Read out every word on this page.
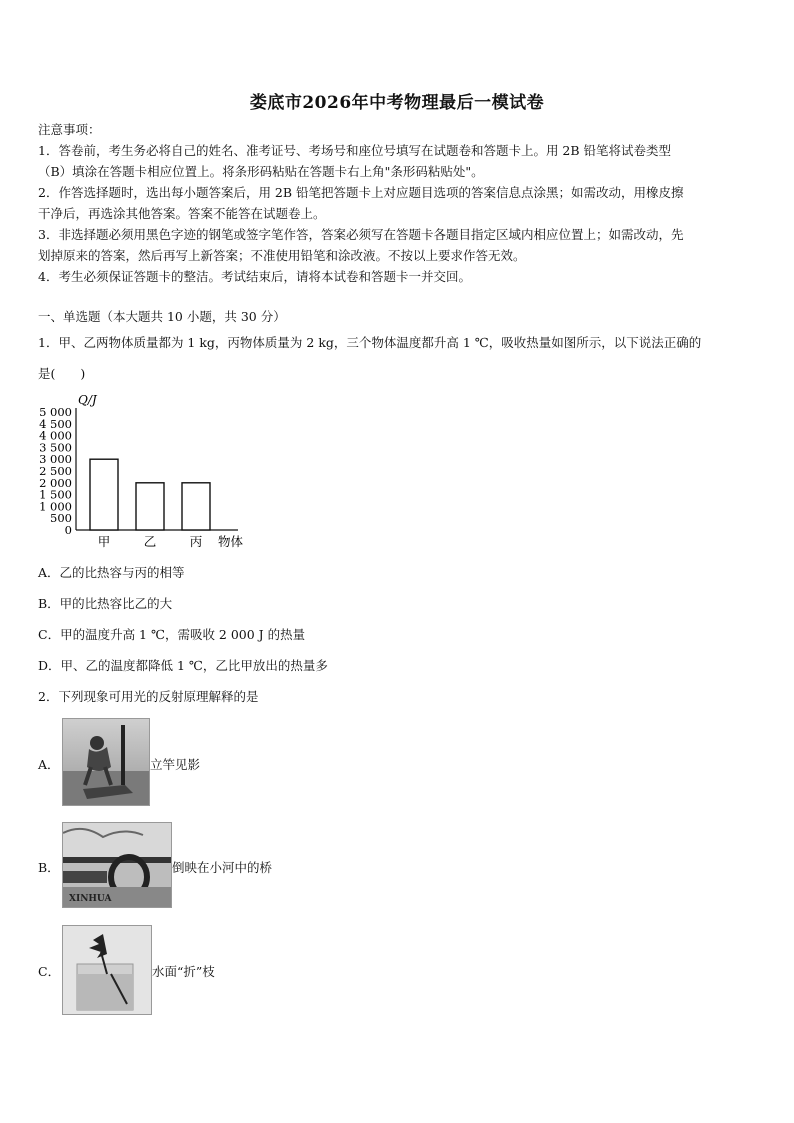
娄底市2026年中考物理最后一模试卷
注意事项：
1．答卷前，考生务必将自己的姓名、准考证号、考场号和座位号填写在试题卷和答题卡上。用 2B 铅笔将试卷类型
（B）填涂在答题卡相应位置上。将条形码粘贴在答题卡右上角"条形码粘贴处"。
2．作答选择题时，选出每小题答案后，用 2B 铅笔把答题卡上对应题目选项的答案信息点涂黑；如需改动，用橡皮擦
干净后，再选涂其他答案。答案不能答在试题卷上。
3．非选择题必须用黑色字迹的钢笔或签字笔作答，答案必须写在答题卡各题目指定区域内相应位置上；如需改动，先
划掉原来的答案，然后再写上新答案；不准使用铅笔和涂改液。不按以上要求作答无效。
4．考生必须保证答题卡的整洁。考试结束后，请将本试卷和答题卡一并交回。
一、单选题（本大题共 10 小题，共 30 分）
1．甲、乙两物体质量都为 1 kg，丙物体质量为 2 kg，三个物体温度都升高 1 ℃，吸收热量如图所示，以下说法正确的
是(　　)
5 000
4 500
4 000
3 500
3 000
2 500
2 000
1 500
1 000
500
0
Q/J
甲	乙	丙 物体
A．乙的比热容与丙的相等
B．甲的比热容比乙的大
C．甲的温度升高 1 ℃，需吸收 2 000 J 的热量
D．甲、乙的温度都降低 1 ℃，乙比甲放出的热量多
2．下列现象可用光的反射原理解释的是
A．	立竿见影
B．
XINHUA
倒映在小河中的桥
C．	水面“折”枝
